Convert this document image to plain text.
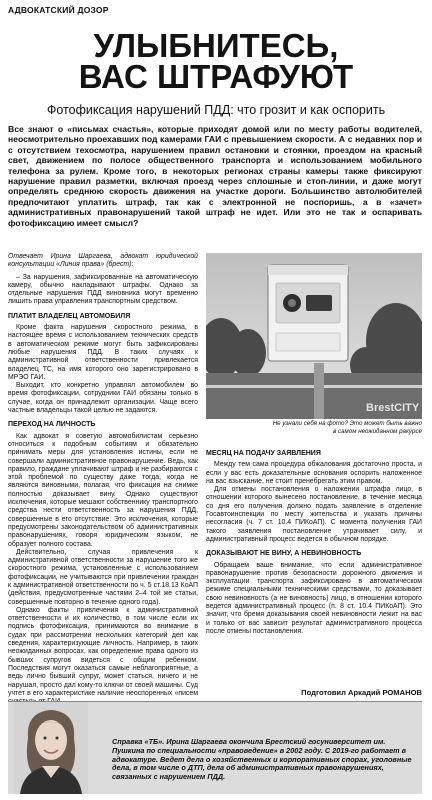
АДВОКАТСКИЙ ДОЗОР
УЛЫБНИТЕСЬ,
ВАС ШТРАФУЮТ
Фотофиксация нарушений ПДД: что грозит и как оспорить
Все знают о «письмах счастья», которые приходят домой или по месту работы водителей, неосмотрительно проехавших под камерами ГАИ с превышением скорости. А с недавних пор и с отсутствием техосмотра, нарушением правил остановки и стоянки, проездом на красный свет, движением по полосе общественного транспорта и использованием мобильного телефона за рулем. Кроме того, в некоторых регионах страны камеры также фиксируют нарушение правил разметки, включая проезд через сплошные и стоп-линии, и даже могут определять среднюю скорость движения на участке дороги. Большинство автолюбителей предпочитают уплатить штраф, так как с электронной не поспоришь, а в «зачет» административных правонарушений такой штраф не идет. Или это не так и оспаривать фотофиксацию имеет смысл?

Отвечает Ирина Шаргаева, адвокат юридической консультации «Линия права» (брест):

– За нарушения, зафиксированные на автоматическую камеру, обычно накладывают штрафы. Однако за отдельные нарушения ПДД виновника могут временно лишить права управления транспортным средством.

ПЛАТИТ ВЛАДЕЛЕЦ АВТОМОБИЛЯ

Кроме факта нарушения скоростного режима, в настоящее время с использованием технических средств в автоматическом режиме могут быть зафиксированы любые нарушения ПДД. В таких случаях к административной ответственности привлекается владелец ТС, на имя которого оно зарегистрировано в МРЭО ГАИ.

Выходит, кто конкретно управлял автомобилем во время фотофиксации, сотрудники ГАИ обязаны только в случае, когда он принадлежит организации. Чаще всего частные владельцы такой целью не задаются.

ПЕРЕХОД НА ЛИЧНОСТЬ

Как адвокат я советую автомобилистам серьезно относиться к подобным событиям и обязательно принимать меры для установления истины, если не совершали административное правонарушение. Ведь, как правило, граждане уплачивают штраф и не разбираются с этой проблемой по существу даже тогда, когда не являются виновными, полагая, что фиксация на снимке полностью доказывает вину. Однако существуют исключения, которые мешают собственнику транспортного средства нести ответственность за нарушения ПДД, совершенные в его отсутствие. Это исключения, которые предусмотрены законодательством об административных правонарушениях, говоря юридическим языком, не образует полного состава.

Действительно, случая привлечения к административной ответственности за нарушение того же скоростного режима, установленные с использованием фотофиксации, не учитываются при привлечении граждан к административной ответственности по ч. 5 ст.18.13 КоАП (действия, предусмотренные частями 2–4 той же статьи, совершенные повторно в течение одного года).

Однако факты привлечения к административной ответственности и их количество, в том числе если их подпись фотофиксация, принимаются во внимание в судах при рассмотрении нескольких категорий дел как сведения, характеризующие личность. Например, в таких неожиданных вопросах, как определение права одного из бывших супругов видеться с общим ребенком. Последствия могут оказаться самые неблагоприятные, а ведь лично бывший супруг, может статься, ничего и не нарушал, просто дал кому-то ключи от своей машины. Суд учтет в его характеристике наличие неоспоренных «писем

BrestCITY
Не узнали себя на фото? Это может быть важно
в самом неожиданном ракурсе
МЕСЯЦ НА ПОДАЧУ ЗАЯВЛЕНИЯ

Между тем сама процедура обжалования достаточно проста, и если у вас есть доказательные основания оспорить наложенное на вас взыскание, не стоит пренебрегать этим правом.

Для отмены постановления о наложении штрафа лицо, в отношении которого вынесено постановление, в течение месяца со дня его получения должно подать заявление в отделение Госавтоинспекции по месту жительства и указать причины несогласия (ч. 7 ст. 10.4 ПИКоАП). С момента получения ГАИ такого заявления постановление утрачивает силу, и административный процесс ведется в обычном порядке.

ДОКАЗЫВАЮТ НЕ ВИНУ, А НЕВИНОВНОСТЬ

Обращаем ваше внимание, что если административное правонарушение против безопасности дорожного движения и эксплуатации транспорта зафиксировано в автоматическом режиме специальными техническими средствами, то доказывает свою невиновность (а не виновность) лицо, в отношении которого ведется административный процесс (п. 8 ст. 10.4 ПИКоАП). Это значит, что бремя доказывания своей невиновности лежит на вас и только от вас зависит результат административного процесса после отмены постановления.

Подготовил Аркадий РОМАНОВ
Справка «ТБ». Ирина Шаргаева окончила Брестский госуниверситет им. Пушкина по специальности «правоведение» в 2002 году. С 2019-го работает в адвокатуре. Ведет дела о хозяйственных и корпоративных спорах, уголовные дела, в том числе о ДТП, дела об административных правонарушениях, связанных с нарушением ПДД.
